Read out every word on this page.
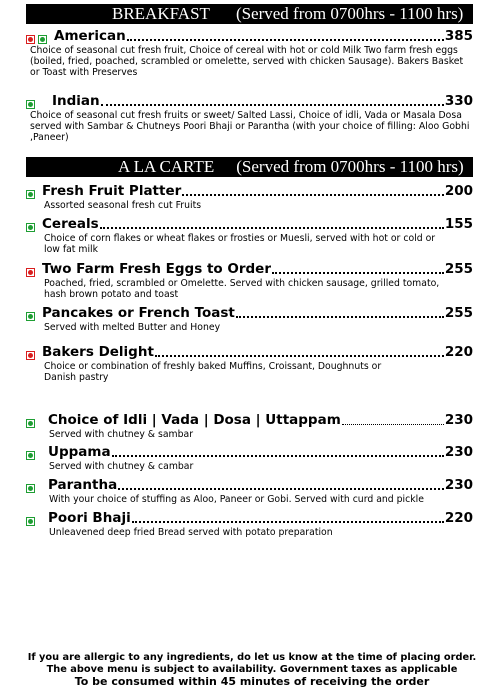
BREAKFAST (Served from 0700hrs - 1100 hrs)
American	385
Choice of seasonal cut fresh fruit, Choice of cereal with hot or cold Milk Two farm fresh eggs (boiled, fried, poached, scrambled or omelette, served with chicken Sausage). Bakers Basket or Toast with Preserves
Indian	330
Choice of seasonal cut fresh fruits or sweet/ Salted Lassi, Choice of idli, Vada or Masala Dosa served with Sambar & Chutneys Poori Bhaji or Parantha (with your choice of filling: Aloo Gobhi ,Paneer)
A LA CARTE (Served from 0700hrs - 1100 hrs)
Fresh Fruit Platter	200
Assorted seasonal fresh cut Fruits
Cereals	155
Choice of corn flakes or wheat flakes or frosties or Muesli, served with hot or cold or low fat milk
Two Farm Fresh Eggs to Order	255
Poached, fried, scrambled or Omelette. Served with chicken sausage, grilled tomato, hash brown potato and toast
Pancakes or French Toast	255
Served with melted Butter and Honey
Bakers Delight	220
Choice or combination of freshly baked Muffins, Croissant, Doughnuts or Danish pastry
Choice of Idli | Vada | Dosa | Uttappam	230
Served with chutney & sambar
Uppama	230
Served with chutney & cambar
Parantha	230
With your choice of stuffing as Aloo, Paneer or Gobi. Served with curd and pickle
Poori Bhaji	220
Unleavened deep fried Bread served with potato preparation
If you are allergic to any ingredients, do let us know at the time of placing order.
The above menu is subject to availability. Government taxes as applicable
To be consumed within 45 minutes of receiving the order
